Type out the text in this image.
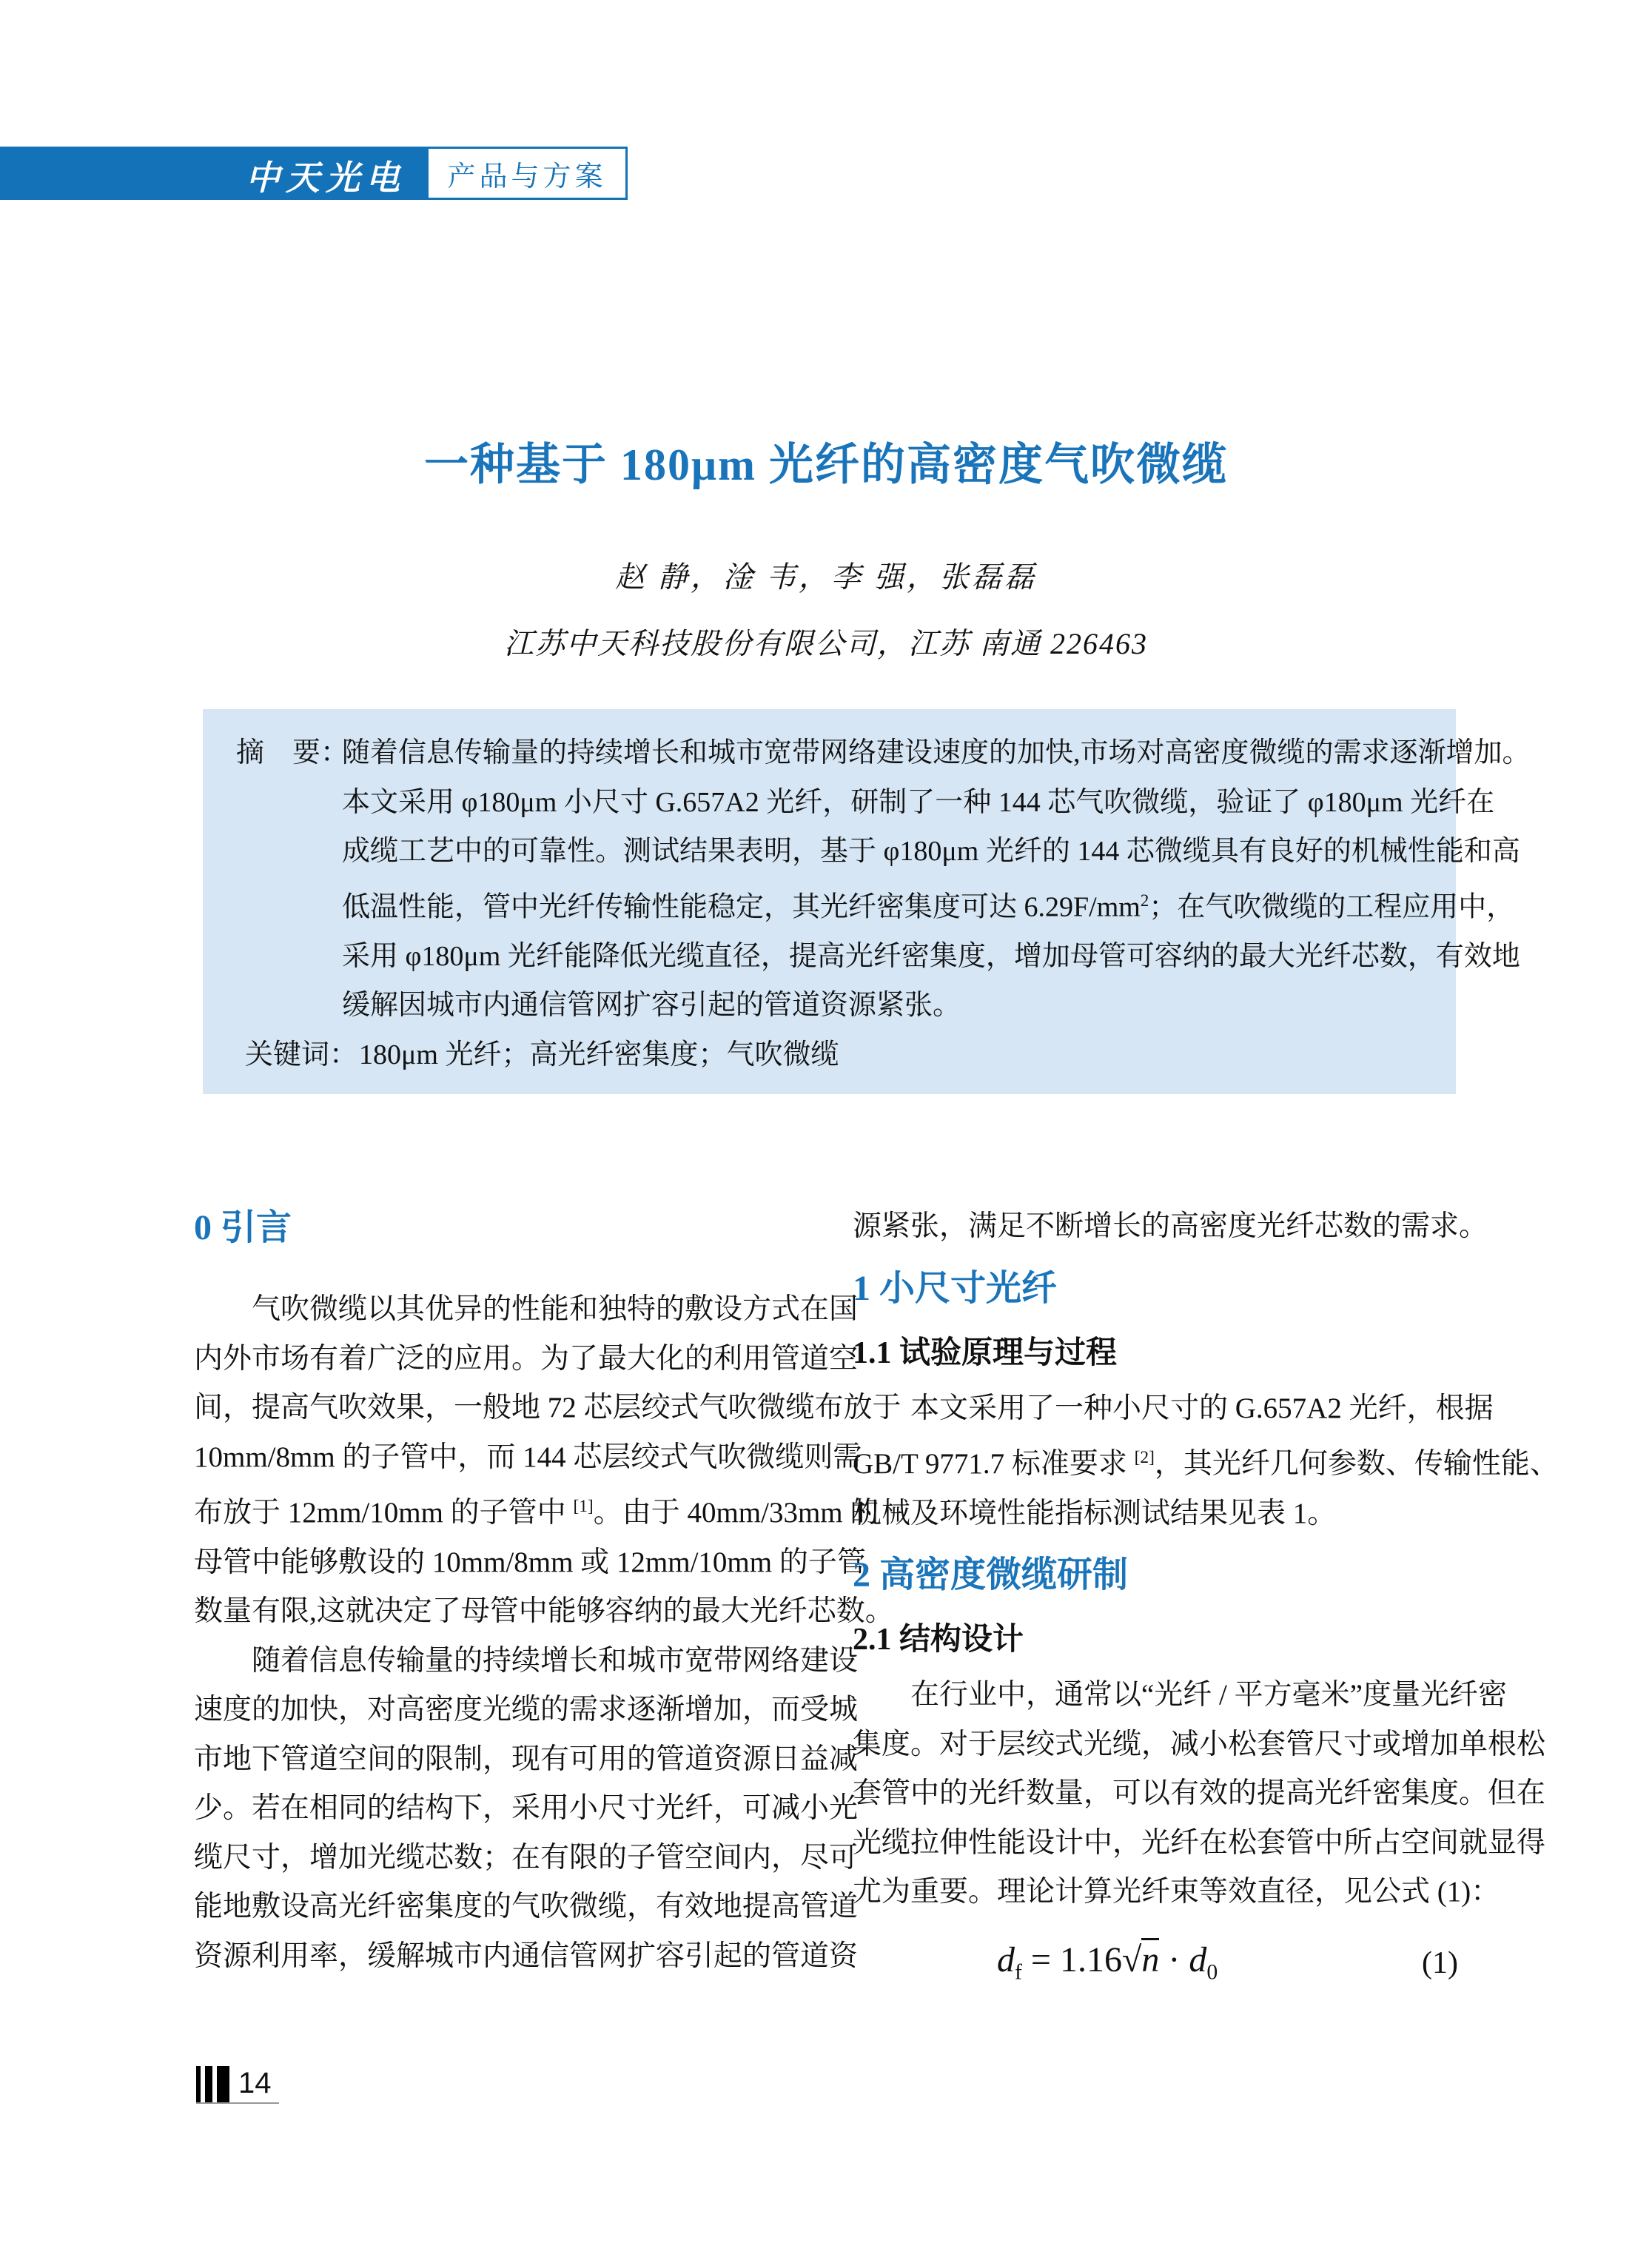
中天光电 产品与方案
一种基于 180μm 光纤的高密度气吹微缆
赵 静，淦 韦，李 强，张磊磊
江苏中天科技股份有限公司，江苏 南通 226463
摘　要：
随着信息传输量的持续增长和城市宽带网络建设速度的加快,市场对高密度微缆的需求逐渐增加。
本文采用 φ180μm 小尺寸 G.657A2 光纤，研制了一种 144 芯气吹微缆，验证了 φ180μm 光纤在
成缆工艺中的可靠性。测试结果表明，基于 φ180μm 光纤的 144 芯微缆具有良好的机械性能和高
低温性能，管中光纤传输性能稳定，其光纤密集度可达 $6.29F/mm^2$；在气吹微缆的工程应用中，
采用 φ180μm 光纤能降低光缆直径，提高光纤密集度，增加母管可容纳的最大光纤芯数，有效地
缓解因城市内通信管网扩容引起的管道资源紧张。
关键词：180μm 光纤；高光纤密集度；气吹微缆
0 引言
气吹微缆以其优异的性能和独特的敷设方式在国
内外市场有着广泛的应用。为了最大化的利用管道空
间，提高气吹效果，一般地 72 芯层绞式气吹微缆布放于
10mm/8mm 的子管中，而 144 芯层绞式气吹微缆则需
布放于 12mm/10mm 的子管中 [1]。由于 40mm/33mm 的
母管中能够敷设的 10mm/8mm 或 12mm/10mm 的子管
数量有限,这就决定了母管中能够容纳的最大光纤芯数。
随着信息传输量的持续增长和城市宽带网络建设
速度的加快，对高密度光缆的需求逐渐增加，而受城
市地下管道空间的限制，现有可用的管道资源日益减
少。若在相同的结构下，采用小尺寸光纤，可减小光
缆尺寸，增加光缆芯数；在有限的子管空间内，尽可
能地敷设高光纤密集度的气吹微缆，有效地提高管道
资源利用率，缓解城市内通信管网扩容引起的管道资
源紧张，满足不断增长的高密度光纤芯数的需求。
1 小尺寸光纤
1.1 试验原理与过程
本文采用了一种小尺寸的 G.657A2 光纤，根据
GB/T 9771.7 标准要求 [2]，其光纤几何参数、传输性能、
机械及环境性能指标测试结果见表 1。
2 高密度微缆研制
2.1 结构设计
在行业中，通常以“光纤 / 平方毫米”度量光纤密
集度。对于层绞式光缆，减小松套管尺寸或增加单根松
套管中的光纤数量，可以有效的提高光纤密集度。但在
光缆拉伸性能设计中，光纤在松套管中所占空间就显得
尤为重要。理论计算光纤束等效直径，见公式 (1)：
$d_f = 1.16√n \cdot d_0$	(1)
14
